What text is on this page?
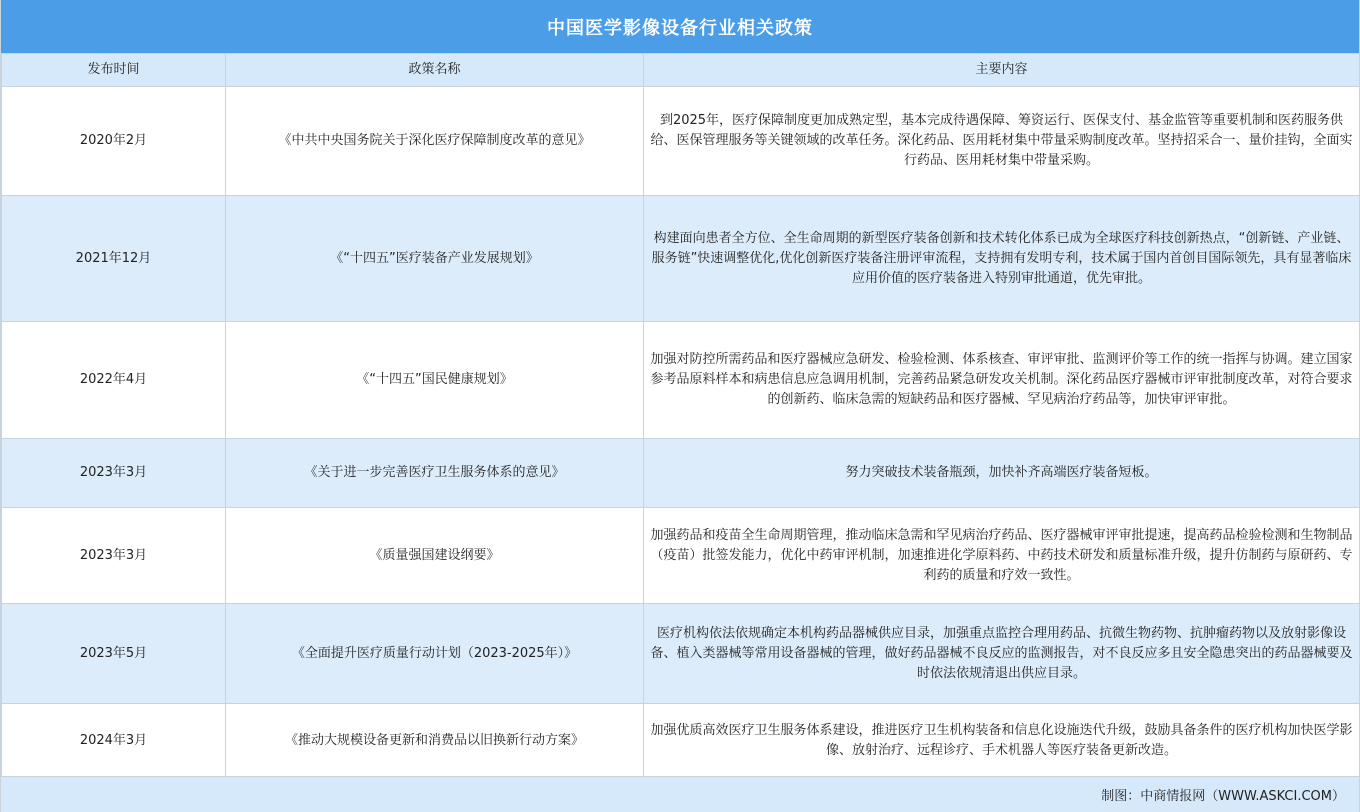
中国医学影像设备行业相关政策
发布时间	政策名称	主要内容
2020年2月	《中共中央国务院关于深化医疗保障制度改革的意见》	到2025年，医疗保障制度更加成熟定型，基本完成待遇保障、筹资运行、医保支付、基金监管等重要机制和医药服务供给、医保管理服务等关键领域的改革任务。深化药品、医用耗材集中带量采购制度改革。坚持招采合一、量价挂钩，全面实行药品、医用耗材集中带量采购。
2021年12月	《“十四五”医疗装备产业发展规划》	构建面向患者全方位、全生命周期的新型医疗装备创新和技术转化体系已成为全球医疗科技创新热点，“创新链、产业链、服务链”快速调整优化,优化创新医疗装备注册评审流程，支持拥有发明专利，技术属于国内首创目国际领先，具有显著临床应用价值的医疗装备进入特别审批通道，优先审批。
2022年4月	《“十四五”国民健康规划》	加强对防控所需药品和医疗器械应急研发、检验检测、体系核查、审评审批、监测评价等工作的统一指挥与协调。建立国家参考品原料样本和病患信息应急调用机制，完善药品紧急研发攻关机制。深化药品医疗器械市评审批制度改革，对符合要求的创新药、临床急需的短缺药品和医疗器械、罕见病治疗药品等，加快审评审批。
2023年3月	《关于进一步完善医疗卫生服务体系的意见》	努力突破技术装备瓶颈，加快补齐高端医疗装备短板。
2023年3月	《质量强国建设纲要》	加强药品和疫苗全生命周期管理，推动临床急需和罕见病治疗药品、医疗器械审评审批提速，提高药品检验检测和生物制品（疫苗）批签发能力，优化中药审评机制，加速推进化学原料药、中药技术研发和质量标准升级，提升仿制药与原研药、专利药的质量和疗效一致性。
2023年5月	《全面提升医疗质量行动计划（2023-2025年）》	医疗机构依法依规确定本机构药品器械供应目录，加强重点监控合理用药品、抗微生物药物、抗肿瘤药物以及放射影像设备、植入类器械等常用设备器械的管理，做好药品器械不良反应的监测报告，对不良反应多且安全隐患突出的药品器械要及时依法依规清退出供应目录。
2024年3月	《推动大规模设备更新和消费品以旧换新行动方案》	加强优质高效医疗卫生服务体系建设，推进医疗卫生机构装备和信息化设施迭代升级，鼓励具备条件的医疗机构加快医学影像、放射治疗、远程诊疗、手术机器人等医疗装备更新改造。
制图：中商情报网（WWW.ASKCI.COM）
